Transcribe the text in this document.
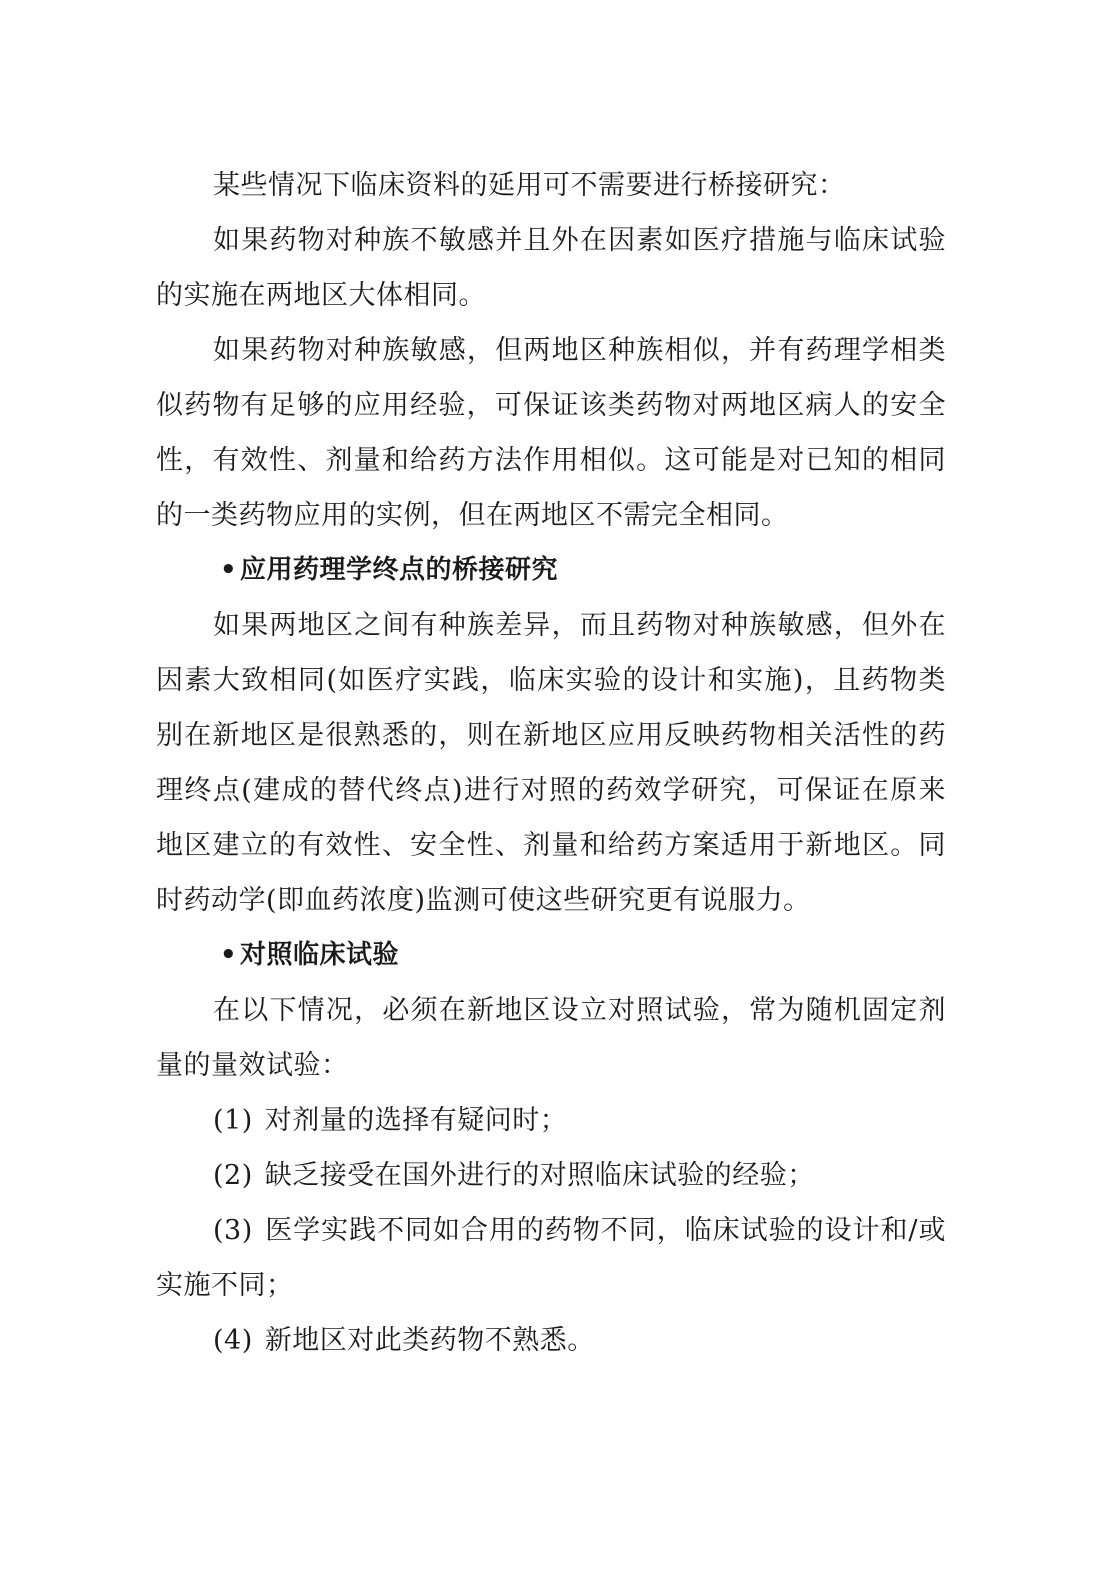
某些情况下临床资料的延用可不需要进行桥接研究：

如果药物对种族不敏感并且外在因素如医疗措施与临床试验的实施在两地区大体相同。

如果药物对种族敏感，但两地区种族相似，并有药理学相类似药物有足够的应用经验，可保证该类药物对两地区病人的安全性，有效性、剂量和给药方法作用相似。这可能是对已知的相同的一类药物应用的实例，但在两地区不需完全相同。

• 应用药理学终点的桥接研究

如果两地区之间有种族差异，而且药物对种族敏感，但外在因素大致相同(如医疗实践，临床实验的设计和实施)，且药物类别在新地区是很熟悉的，则在新地区应用反映药物相关活性的药理终点(建成的替代终点)进行对照的药效学研究，可保证在原来地区建立的有效性、安全性、剂量和给药方案适用于新地区。同时药动学(即血药浓度)监测可使这些研究更有说服力。

• 对照临床试验

在以下情况，必须在新地区设立对照试验，常为随机固定剂量的量效试验：

(1) 对剂量的选择有疑问时；

(2) 缺乏接受在国外进行的对照临床试验的经验；

(3) 医学实践不同如合用的药物不同，临床试验的设计和/或实施不同；

(4) 新地区对此类药物不熟悉。
